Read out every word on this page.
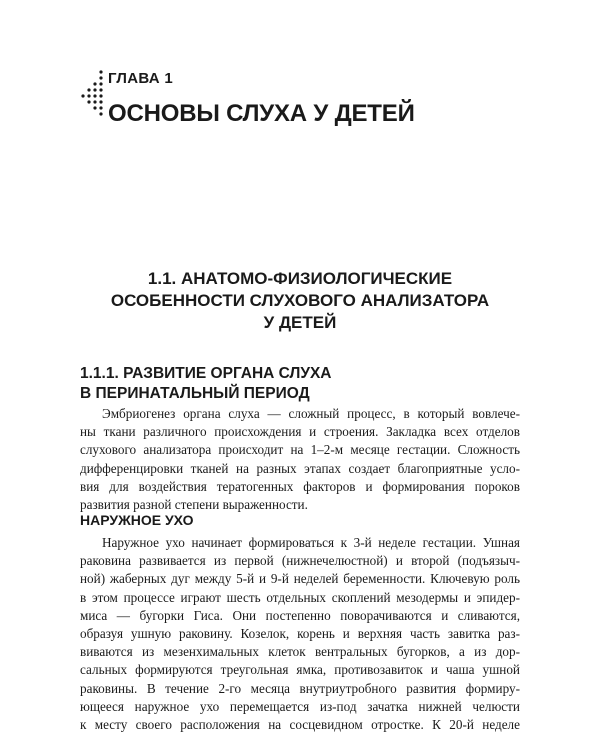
ГЛАВА 1
ОСНОВЫ СЛУХА У ДЕТЕЙ
1.1. АНАТОМО-ФИЗИОЛОГИЧЕСКИЕ
ОСОБЕННОСТИ СЛУХОВОГО АНАЛИЗАТОРА
У ДЕТЕЙ
1.1.1. РАЗВИТИЕ ОРГАНА СЛУХА
В ПЕРИНАТАЛЬНЫЙ ПЕРИОД
Эмбриогенез органа слуха — сложный процесс, в который вовлече-
ны ткани различного происхождения и строения. Закладка всех отделов
слухового анализатора происходит на 1–2-м месяце гестации. Сложность
дифференцировки тканей на разных этапах создает благоприятные усло-
вия для воздействия тератогенных факторов и формирования пороков
развития разной степени выраженности.
НАРУЖНОЕ УХО
Наружное ухо начинает формироваться к 3-й неделе гестации. Ушная
раковина развивается из первой (нижнечелюстной) и второй (подъязыч-
ной) жаберных дуг между 5-й и 9-й неделей беременности. Ключевую роль
в этом процессе играют шесть отдельных скоплений мезодермы и эпидер-
миса — бугорки Гиса. Они постепенно поворачиваются и сливаются,
образуя ушную раковину. Козелок, корень и верхняя часть завитка раз-
виваются из мезенхимальных клеток вентральных бугорков, а из дор-
сальных формируются треугольная ямка, противозавиток и чаша ушной
раковины. В течение 2-го месяца внутриутробного развития формиру-
ющееся наружное ухо перемещается из-под зачатка нижней челюсти
к месту своего расположения на сосцевидном отростке. К 20-й неделе
